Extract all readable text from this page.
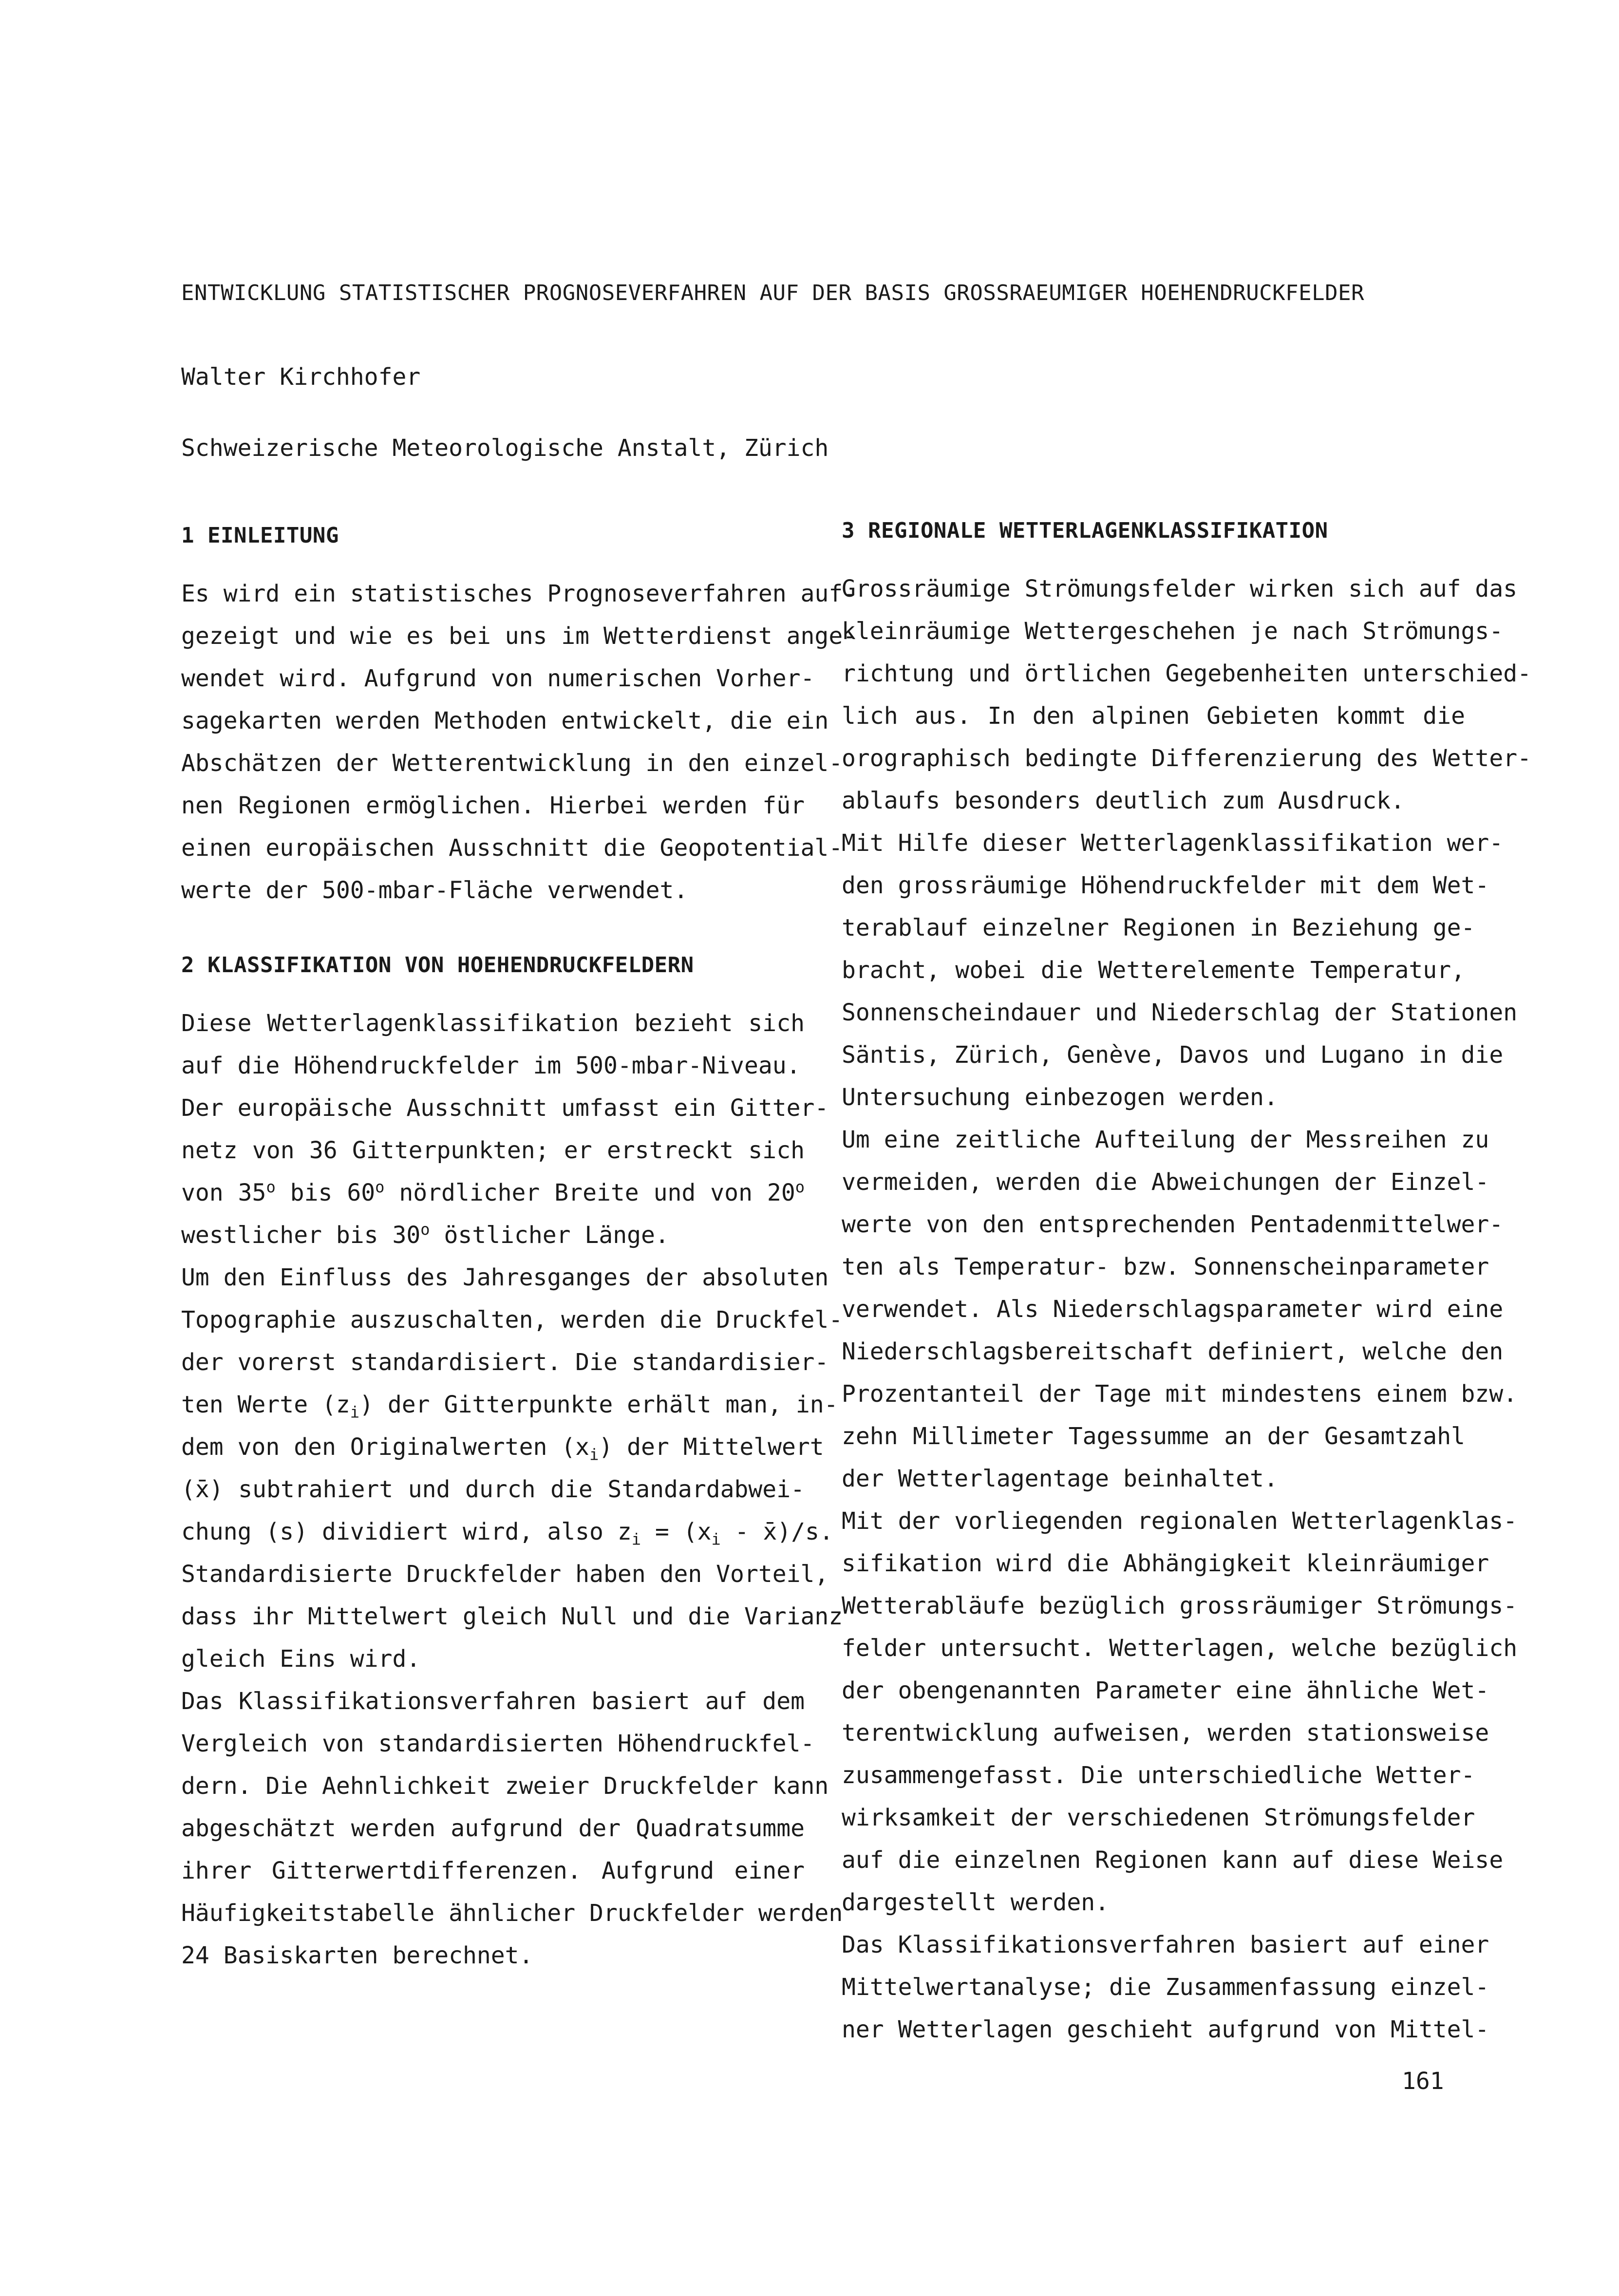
ENTWICKLUNG STATISTISCHER PROGNOSEVERFAHREN AUF DER BASIS GROSSRAEUMIGER HOEHENDRUCKFELDER
Walter Kirchhofer
Schweizerische Meteorologische Anstalt, Zürich
1 EINLEITUNG
Es wird ein statistisches Prognoseverfahren auf-
gezeigt und wie es bei uns im Wetterdienst ange-
wendet wird. Aufgrund von numerischen Vorher-
sagekarten werden Methoden entwickelt, die ein
Abschätzen der Wetterentwicklung in den einzel-
nen Regionen ermöglichen. Hierbei werden für
einen europäischen Ausschnitt die Geopotential-
werte der 500-mbar-Fläche verwendet.
2 KLASSIFIKATION VON HOEHENDRUCKFELDERN
Diese Wetterlagenklassifikation bezieht sich
auf die Höhendruckfelder im 500-mbar-Niveau.
Der europäische Ausschnitt umfasst ein Gitter-
netz von 36 Gitterpunkten; er erstreckt sich
von 35$^o$ bis 60$^o$ nördlicher Breite und von 20$^o$
westlicher bis 30$^o$ östlicher Länge.
Um den Einfluss des Jahresganges der absoluten
Topographie auszuschalten, werden die Druckfel-
der vorerst standardisiert. Die standardisier-
ten Werte $(z_i)$ der Gitterpunkte erhält man, in-
dem von den Originalwerten $(x_i)$ der Mittelwert
(x̄) subtrahiert und durch die Standardabwei-
chung (s) dividiert wird, also $z_i = (x_i$ - x̄)/s.
Standardisierte Druckfelder haben den Vorteil,
dass ihr Mittelwert gleich Null und die Varianz
gleich Eins wird.
Das Klassifikationsverfahren basiert auf dem
Vergleich von standardisierten Höhendruckfel-
dern. Die Aehnlichkeit zweier Druckfelder kann
abgeschätzt werden aufgrund der Quadratsumme
ihrer Gitterwertdifferenzen. Aufgrund einer
Häufigkeitstabelle ähnlicher Druckfelder werden
24 Basiskarten berechnet.
3 REGIONALE WETTERLAGENKLASSIFIKATION
Grossräumige Strömungsfelder wirken sich auf das
kleinräumige Wettergeschehen je nach Strömungs-
richtung und örtlichen Gegebenheiten unterschied-
lich aus. In den alpinen Gebieten kommt die
orographisch bedingte Differenzierung des Wetter-
ablaufs besonders deutlich zum Ausdruck.
Mit Hilfe dieser Wetterlagenklassifikation wer-
den grossräumige Höhendruckfelder mit dem Wet-
terablauf einzelner Regionen in Beziehung ge-
bracht, wobei die Wetterelemente Temperatur,
Sonnenscheindauer und Niederschlag der Stationen
Säntis, Zürich, Genève, Davos und Lugano in die
Untersuchung einbezogen werden.
Um eine zeitliche Aufteilung der Messreihen zu
vermeiden, werden die Abweichungen der Einzel-
werte von den entsprechenden Pentadenmittelwer-
ten als Temperatur- bzw. Sonnenscheinparameter
verwendet. Als Niederschlagsparameter wird eine
Niederschlagsbereitschaft definiert, welche den
Prozentanteil der Tage mit mindestens einem bzw.
zehn Millimeter Tagessumme an der Gesamtzahl
der Wetterlagentage beinhaltet.
Mit der vorliegenden regionalen Wetterlagenklas-
sifikation wird die Abhängigkeit kleinräumiger
Wetterabläufe bezüglich grossräumiger Strömungs-
felder untersucht. Wetterlagen, welche bezüglich
der obengenannten Parameter eine ähnliche Wet-
terentwicklung aufweisen, werden stationsweise
zusammengefasst. Die unterschiedliche Wetter-
wirksamkeit der verschiedenen Strömungsfelder
auf die einzelnen Regionen kann auf diese Weise
dargestellt werden.
Das Klassifikationsverfahren basiert auf einer
Mittelwertanalyse; die Zusammenfassung einzel-
ner Wetterlagen geschieht aufgrund von Mittel-
161
